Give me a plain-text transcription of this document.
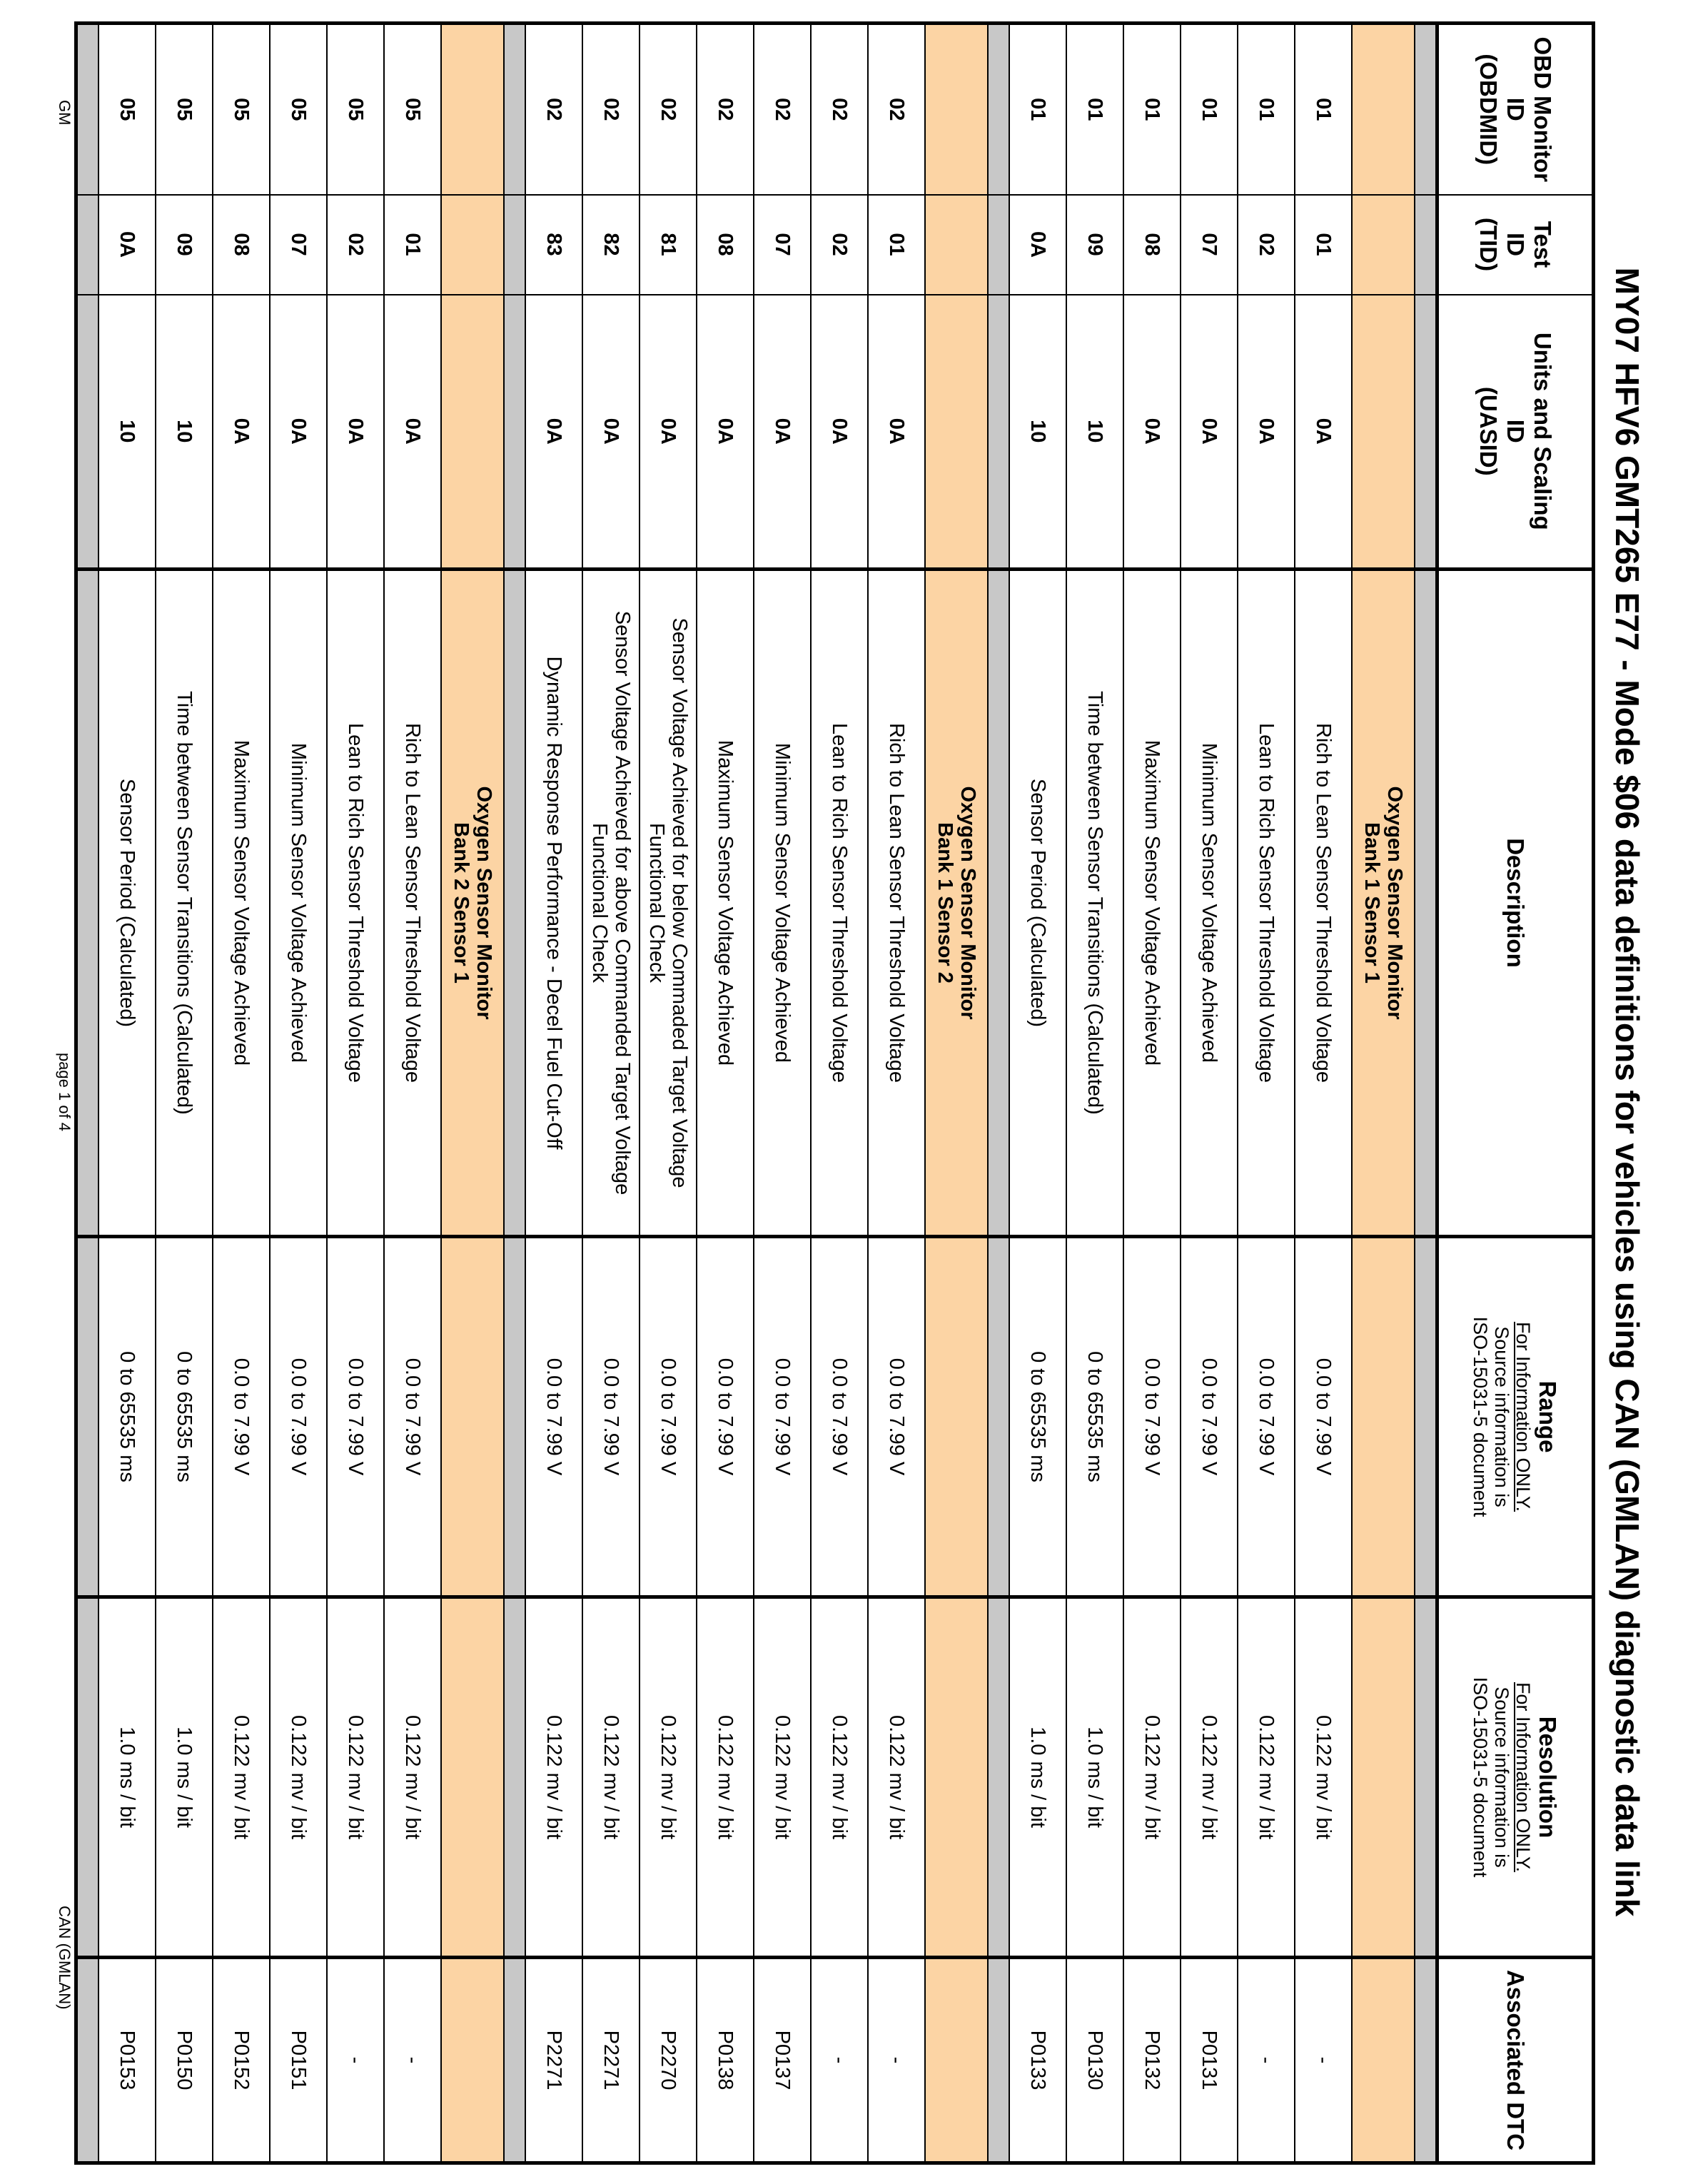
MY07 HFV6 GMT265 E77 - Mode $06 data definitions for vehicles using CAN (GMLAN) diagnostic data link
OBD Monitor
ID
(OBDMID)	Test
ID
(TID)	Units and Scaling
ID
(UASID)	Description	Range
For Information ONLY.
Source information is
ISO-15031-5 document	Resolution
For Information ONLY.
Source information is
ISO-15031-5 document	Associated DTC

			Oxygen Sensor Monitor
Bank 1 Sensor 1			
01	01	0A	Rich to Lean Sensor Threshold Voltage	0.0 to 7.99 V	0.122 mv / bit	-
01	02	0A	Lean to Rich Sensor Threshold Voltage	0.0 to 7.99 V	0.122 mv / bit	-
01	07	0A	Minimum Sensor Voltage Achieved	0.0 to 7.99 V	0.122 mv / bit	P0131
01	08	0A	Maximum Sensor Voltage Achieved	0.0 to 7.99 V	0.122 mv / bit	P0132
01	09	10	Time between Sensor Transitions (Calculated)	0 to 65535 ms	1.0 ms / bit	P0130
01	0A	10	Sensor Period (Calculated)	0 to 65535 ms	1.0 ms / bit	P0133

			Oxygen Sensor Monitor
Bank 1 Sensor 2			
02	01	0A	Rich to Lean Sensor Threshold Voltage	0.0 to 7.99 V	0.122 mv / bit	-
02	02	0A	Lean to Rich Sensor Threshold Voltage	0.0 to 7.99 V	0.122 mv / bit	-
02	07	0A	Minimum Sensor Voltage Achieved	0.0 to 7.99 V	0.122 mv / bit	P0137
02	08	0A	Maximum Sensor Voltage Achieved	0.0 to 7.99 V	0.122 mv / bit	P0138
02	81	0A	Sensor Voltage Achieved for below Commaded Target Voltage Functional Check	0.0 to 7.99 V	0.122 mv / bit	P2270
02	82	0A	Sensor Voltage Achieved for above Commanded Target Voltage Functional Check	0.0 to 7.99 V	0.122 mv / bit	P2271
02	83	0A	Dynamic Response Performance - Decel Fuel Cut-Off	0.0 to 7.99 V	0.122 mv / bit	P2271

			Oxygen Sensor Monitor
Bank 2 Sensor 1			
05	01	0A	Rich to Lean Sensor Threshold Voltage	0.0 to 7.99 V	0.122 mv / bit	-
05	02	0A	Lean to Rich Sensor Threshold Voltage	0.0 to 7.99 V	0.122 mv / bit	-
05	07	0A	Minimum Sensor Voltage Achieved	0.0 to 7.99 V	0.122 mv / bit	P0151
05	08	0A	Maximum Sensor Voltage Achieved	0.0 to 7.99 V	0.122 mv / bit	P0152
05	09	10	Time between Sensor Transitions (Calculated)	0 to 65535 ms	1.0 ms / bit	P0150
05	0A	10	Sensor Period (Calculated)	0 to 65535 ms	1.0 ms / bit	P0153

GM
page 1 of 4
CAN (GMLAN)
